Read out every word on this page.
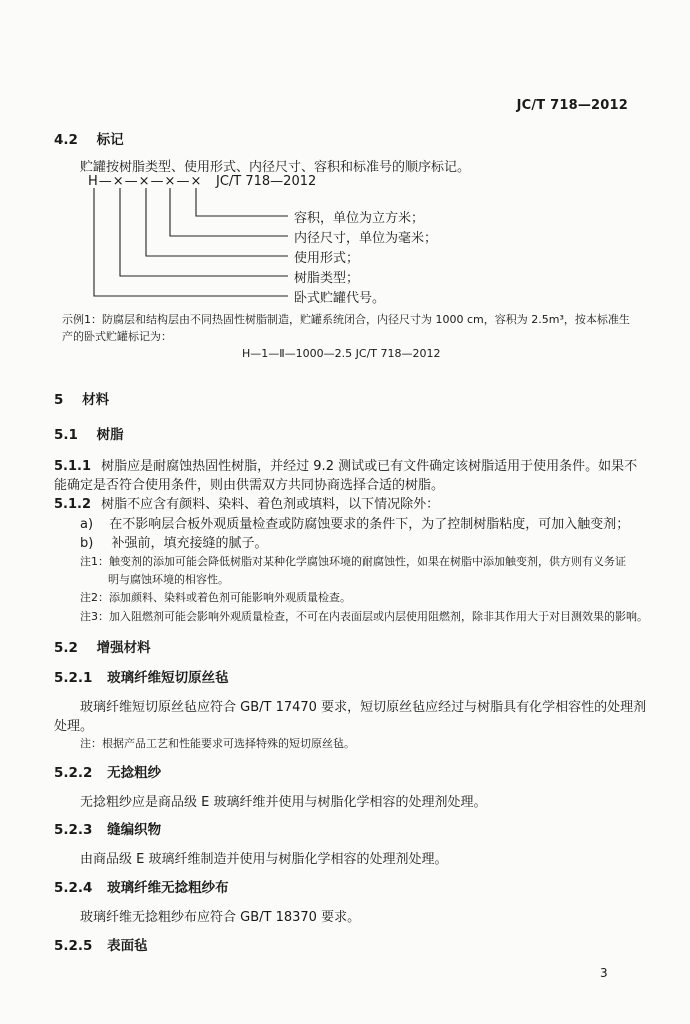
JC/T 718—2012
4.2 标记
贮罐按树脂类型、使用形式、内径尺寸、容积和标准号的顺序标记。
H—×—×—×—× JC/T 718—2012
容积，单位为立方米；
内径尺寸，单位为毫米；
使用形式；
树脂类型；
卧式贮罐代号。
示例1：防腐层和结构层由不同热固性树脂制造，贮罐系统闭合，内径尺寸为 1000 cm，容积为 2.5m³，按本标准生
产的卧式贮罐标记为：
H—1—Ⅱ—1000—2.5 JC/T 718—2012
5 材料
5.1 树脂
5.1.1 树脂应是耐腐蚀热固性树脂，并经过 9.2 测试或已有文件确定该树脂适用于使用条件。如果不
能确定是否符合使用条件，则由供需双方共同协商选择合适的树脂。
5.1.2 树脂不应含有颜料、染料、着色剂或填料，以下情况除外：
a) 在不影响层合板外观质量检查或防腐蚀要求的条件下，为了控制树脂粘度，可加入触变剂；
b) 补强前，填充接缝的腻子。
注1：触变剂的添加可能会降低树脂对某种化学腐蚀环境的耐腐蚀性，如果在树脂中添加触变剂，供方则有义务证
明与腐蚀环境的相容性。
注2：添加颜料、染料或着色剂可能影响外观质量检查。
注3：加入阻燃剂可能会影响外观质量检查，不可在内表面层或内层使用阻燃剂，除非其作用大于对目测效果的影响。
5.2 增强材料
5.2.1 玻璃纤维短切原丝毡
玻璃纤维短切原丝毡应符合 GB/T 17470 要求，短切原丝毡应经过与树脂具有化学相容性的处理剂
处理。
注：根据产品工艺和性能要求可选择特殊的短切原丝毡。
5.2.2 无捻粗纱
无捻粗纱应是商品级 E 玻璃纤维并使用与树脂化学相容的处理剂处理。
5.2.3 缝编织物
由商品级 E 玻璃纤维制造并使用与树脂化学相容的处理剂处理。
5.2.4 玻璃纤维无捻粗纱布
玻璃纤维无捻粗纱布应符合 GB/T 18370 要求。
5.2.5 表面毡
3
